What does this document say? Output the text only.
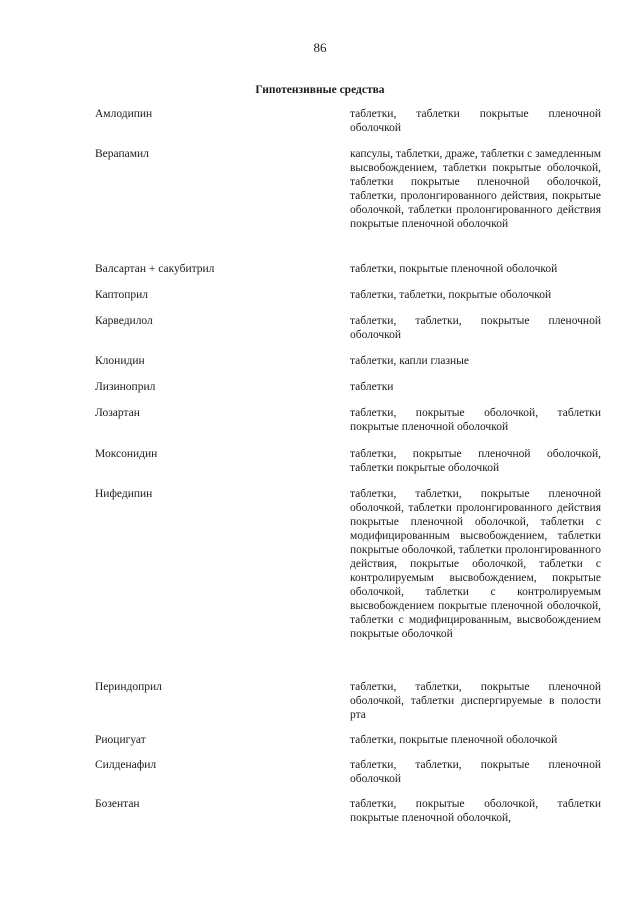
86
Гипотензивные средства
Амлодипин	таблетки, таблетки покрытые пленочной оболочкой
Верапамил	капсулы, таблетки, драже, таблетки с замедленным высвобождением, таблетки покрытые оболочкой, таблетки покрытые пленочной оболочкой, таблетки, пролонгированного действия, покрытые оболочкой, таблетки пролонгированного действия покрытые пленочной оболочкой
Валсартан + сакубитрил	таблетки, покрытые пленочной оболочкой
Каптоприл	таблетки, таблетки, покрытые оболочкой
Карведилол	таблетки, таблетки, покрытые пленочной оболочкой
Клонидин	таблетки, капли глазные
Лизиноприл	таблетки
Лозартан	таблетки, покрытые оболочкой, таблетки покрытые пленочной оболочкой
Моксонидин	таблетки, покрытые пленочной оболочкой, таблетки покрытые оболочкой
Нифедипин	таблетки, таблетки, покрытые пленочной оболочкой, таблетки пролонгированного действия покрытые пленочной оболочкой, таблетки с модифицированным высвобождением, таблетки покрытые оболочкой, таблетки пролонгированного действия, покрытые оболочкой, таблетки с контролируемым высвобождением, покрытые оболочкой, таблетки с контролируемым высвобождением покрытые пленочной оболочкой, таблетки с модифицированным, высвобождением покрытые оболочкой
Периндоприл	таблетки, таблетки, покрытые пленочной оболочкой, таблетки диспергируемые в полости рта
Риоцигуат	таблетки, покрытые пленочной оболочкой
Силденафил	таблетки, таблетки, покрытые пленочной оболочкой
Бозентан	таблетки, покрытые оболочкой, таблетки покрытые пленочной оболочкой,
